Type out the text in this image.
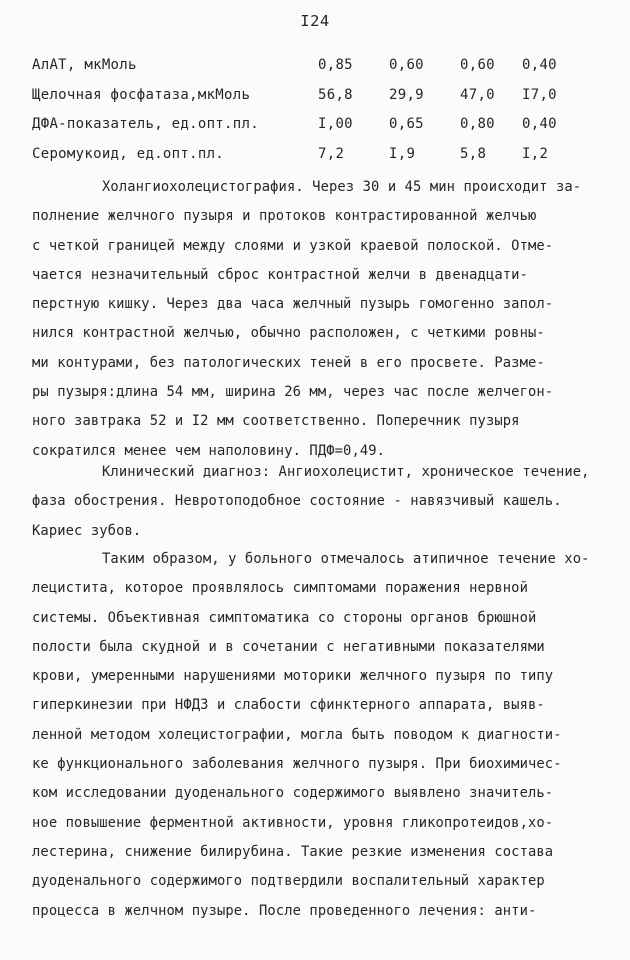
I24
АлАТ, мкМоль	0,85	0,60	0,60 0,40
Щелочная фосфатаза,мкМоль	56,8	29,9	47,0 I7,0
ДФА-показатель, ед.опт.пл.	I,00	0,65	0,80 0,40
Серомукоид, ед.опт.пл.	7,2	I,9	5,8	I,2
Холангиохолецистография. Через 30 и 45 мин происходит за-
полнение желчного пузыря и протоков контрастированной желчью
с четкой границей между слоями и узкой краевой полоской. Отме-
чается незначительный сброс контрастной желчи в двенадцати-
перстную кишку. Через два часа желчный пузырь гомогенно запол-
нился контрастной желчью, обычно расположен, с четкими ровны-
ми контурами, без патологических теней в его просвете. Разме-
ры пузыря:длина 54 мм, ширина 26 мм, через час после желчегон-
ного завтрака 52 и I2 мм соответственно. Поперечник пузыря
сократился менее чем наполовину. ПДФ=0,49.
Клинический диагноз: Ангиохолецистит, хроническое течение,
фаза обострения. Невротоподобное состояние - навязчивый кашель.
Кариес зубов.
Таким образом, у больного отмечалось атипичное течение хо-
лецистита, которое проявлялось симптомами поражения нервной
системы. Объективная симптоматика со стороны органов брюшной
полости была скудной и в сочетании с негативными показателями
крови, умеренными нарушениями моторики желчного пузыря по типу
гиперкинезии при НФДЗ и слабости сфинктерного аппарата, выяв-
ленной методом холецистографии, могла быть поводом к диагности-
ке функционального заболевания желчного пузыря. При биохимичес-
ком исследовании дуоденального содержимого выявлено значитель-
ное повышение ферментной активности, уровня гликопротеидов,хо-
лестерина, снижение билирубина. Такие резкие изменения состава
дуоденального содержимого подтвердили воспалительный характер
процесса в желчном пузыре. После проведенного лечения: анти-
